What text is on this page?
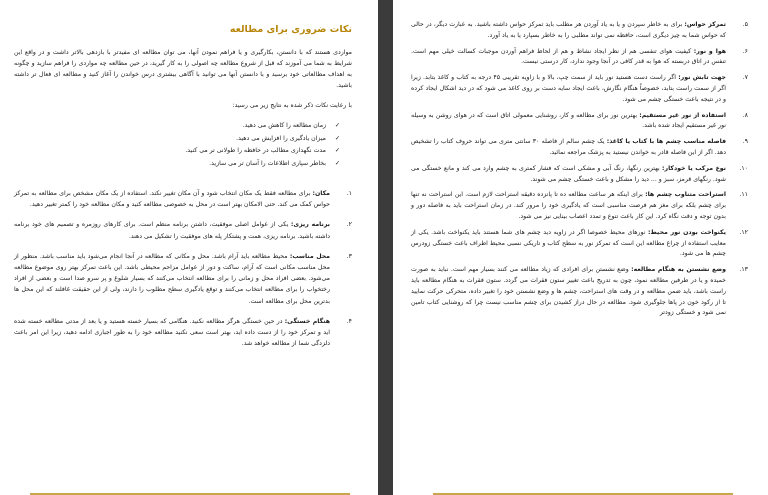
نکات ضروری برای مطالعه

مواردی هستند که با دانستن، بکارگیری و یا فراهم نمودن آنها، می توان مطالعه ای مفیدتر با بازدهی بالاتر داشت و در واقع این شرایط به شما می آموزند که قبل از شروع مطالعه چه اصولی را به کار گیرید، در حین مطالعه چه مواردی را فراهم سازید و چگونه به اهداف مطالعاتی خود برسید و با دانستن آنها می توانید با آگاهی بیشتری درس خواندن را آغاز کنید و مطالعه ای فعال تر داشته باشید.

با رعایت نکات ذکر شده به نتایج زیر می رسید:

✓زمان مطالعه را کاهش می دهید.
✓میزان یادگیری را افزایش می دهید.
✓مدت نگهداری مطالب در حافظه را طولانی تر می کنید.
✓بخاطر سپاری اطلاعات را آسان تر می سازید.
۱.
مکان: برای مطالعه فقط یک مکان انتخاب شود و آن مکان تغییر نکند. استفاده از یک مکان مشخص برای مطالعه به تمرکز حواس کمک می کند. حتی الامکان بهتر است در محل به خصوصی مطالعه کنید و مکان مطالعه خود را کمتر تغییر دهید.
۲.
برنامه ریزی: یکی از عوامل اصلی موفقیت، داشتن برنامه منظم است. برای کارهای روزمره و تصمیم های خود برنامه داشته باشید. برنامه ریزی، همت و پشتکار پله های موفقیت را تشکیل می دهند.
۳.
محل مناسب: محیط مطالعه باید آرام باشد. محل و مکانی که مطالعه در آنجا انجام می‌شود باید مناسب باشد. منظور از محل مناسب مکانی است که آرام، ساکت و دور از عوامل مزاحم محیطی باشد. این باعث تمرکز بهتر روی موضوع مطالعه می‌شود. بعضی افراد محل و زمانی را برای مطالعه انتخاب می‌کنند که بسیار شلوغ و پر سرو صدا است و بعضی از افراد رختخواب را برای مطالعه انتخاب می‌کنند و توقع یادگیری سطح مطلوب را دارند، ولی از این حقیقت غافلند که این محل ها بدترین محل برای مطالعه است.
۴.
هنگام خستگی: در حین خستگی هرگز مطالعه نکنید. هنگامی که بسیار خسته هستید و یا بعد از مدتی مطالعه خسته شده اید و تمرکز خود را از دست داده اید، بهتر است سعی نکنید مطالعه خود را به طور اجباری ادامه دهید، زیرا این امر باعث دلزدگی شما از مطالعه خواهد شد.
۵.
تمرکز حواس: برای به خاطر سپردن و یا به یاد آوردن هر مطلب باید تمرکز حواس داشته باشید. به عبارت دیگر، در حالی که حواس شما به چیز دیگری است، حافظه نمی تواند مطلبی را به خاطر بسپارد یا به یاد آورد.
۶.
هوا و نور: کیفیت هوای تنفسی هم از نظر ایجاد نشاط و هم از لحاظ فراهم آوردن موجبات کسالت خیلی مهم است. تنفس در اتاق دربسته که هوا به قدر کافی در آنجا وجود ندارد، کار درستی نیست.
۷.
جهت تابش نور: اگر راست دست هستید نور باید از سمت چپ، بالا و با زاویه تقریبی ۴۵ درجه به کتاب و کاغذ بتابد. زیرا اگر از سمت راست بتابد، خصوصاً هنگام نگارش، باعث ایجاد سایه دست بر روی کاغذ می شود که در دید اشکال ایجاد کرده و در نتیجه باعث خستگی چشم می شود.
۸.
استفاده از نور غیر مستقیم: بهترین نور برای مطالعه و کار، روشنایی معمولی اتاق است که در هوای روشن به وسیله نور غیر مستقیم ایجاد شده باشد.
۹.
فاصله مناسب چشم ها با کتاب یا کاغذ: یک چشم سالم از فاصله ۳۰ سانتی متری می تواند حروف کتاب را تشخیص دهد. اگر از این فاصله قادر به خواندن نیستید به پزشک مراجعه نمائید.
۱۰.
نوع مرکب یا خودکار: بهترین رنگها، رنگ آبی و مشکی است که فشار کمتری به چشم وارد می کند و مانع خستگی می شود. رنگهای قرمز، سبز و ... دید را مشکل و باعث خستگی چشم می شوند.
۱۱.
استراحت متناوب چشم ها: برای اینکه هر ساعت مطالعه ده تا پانزده دقیقه استراحت لازم است. این استراحت نه تنها برای چشم بلکه برای مغز هم فرصت مناسبی است که یادگیری خود را مرور کند. در زمان استراحت باید به فاصله دور و بدون توجه و دقت نگاه کرد. این کار باعث تنوع و تمدد اعصاب بینایی نیز می شود.
۱۲.
یکنواخت بودن نور محیط: نورهای محیط خصوصا اگر در زاویه دید چشم های شما هستند باید یکنواخت باشد. یکی از معایب استفاده از چراغ مطالعه این است که تمرکز نور به سطح کتاب و تاریکی نسبی محیط اطراف باعث خستگی زودرس چشم ها می شود.
۱۳.
وضع نشستن به هنگام مطالعه: وضع نشستن برای افرادی که زیاد مطالعه می کنند بسیار مهم است. نباید به صورت خمیده و یا در طرفین مطالعه نمود، چون به تدریج باعث تغییر ستون فقرات می گردد. ستون فقرات به هنگام مطالعه باید راست باشد، باید ضمن مطالعه و در وقت های استراحت، چشم ها و وضع نشستن خود را تغییر داده، متحرکی حرکت نمایید تا از رکود خون در پاها جلوگیری شود. مطالعه در حال دراز کشیدن برای چشم مناسب نیست چرا که روشنایی کتاب تامین نمی شود و خستگی زودتر
